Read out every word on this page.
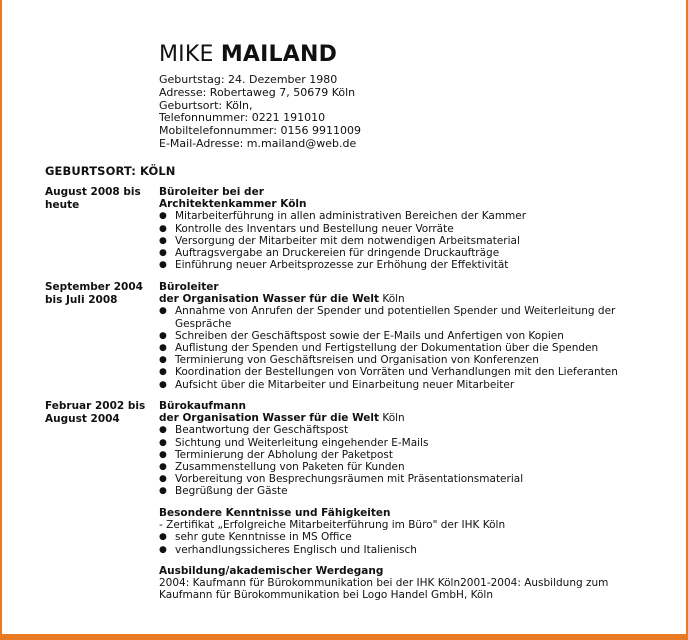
MIKE MAILAND
Geburtstag: 24. Dezember 1980
Adresse: Robertaweg 7, 50679 Köln
Geburtsort: Köln,
Telefonnummer: 0221 191010
Mobiltelefonnummer: 0156 9911009
E-Mail-Adresse: m.mailand@web.de
GEBURTSORT: KÖLN
August 2008 bis heute
Büroleiter bei der
Architektenkammer Köln
● Mitarbeiterführung in allen administrativen Bereichen der Kammer
● Kontrolle des Inventars und Bestellung neuer Vorräte
● Versorgung der Mitarbeiter mit dem notwendigen Arbeitsmaterial
● Auftragsvergabe an Druckereien für dringende Druckaufträge
● Einführung neuer Arbeitsprozesse zur Erhöhung der Effektivität
September 2004 bis Juli 2008
Büroleiter
der Organisation Wasser für die Welt Köln
● Annahme von Anrufen der Spender und potentiellen Spender und Weiterleitung der Gespräche
● Schreiben der Geschäftspost sowie der E-Mails und Anfertigen von Kopien
● Auflistung der Spenden und Fertigstellung der Dokumentation über die Spenden
● Terminierung von Geschäftsreisen und Organisation von Konferenzen
● Koordination der Bestellungen von Vorräten und Verhandlungen mit den Lieferanten
● Aufsicht über die Mitarbeiter und Einarbeitung neuer Mitarbeiter
Februar 2002 bis August 2004
Bürokaufmann
der Organisation Wasser für die Welt Köln
● Beantwortung der Geschäftspost
● Sichtung und Weiterleitung eingehender E-Mails
● Terminierung der Abholung der Paketpost
● Zusammenstellung von Paketen für Kunden
● Vorbereitung von Besprechungsräumen mit Präsentationsmaterial
● Begrüßung der Gäste
Besondere Kenntnisse und Fähigkeiten
- Zertifikat „Erfolgreiche Mitarbeiterführung im Büro" der IHK Köln
● sehr gute Kenntnisse in MS Office
● verhandlungssicheres Englisch und Italienisch
Ausbildung/akademischer Werdegang
2004: Kaufmann für Bürokommunikation bei der IHK Köln2001-2004: Ausbildung zum Kaufmann für Bürokommunikation bei Logo Handel GmbH, Köln
